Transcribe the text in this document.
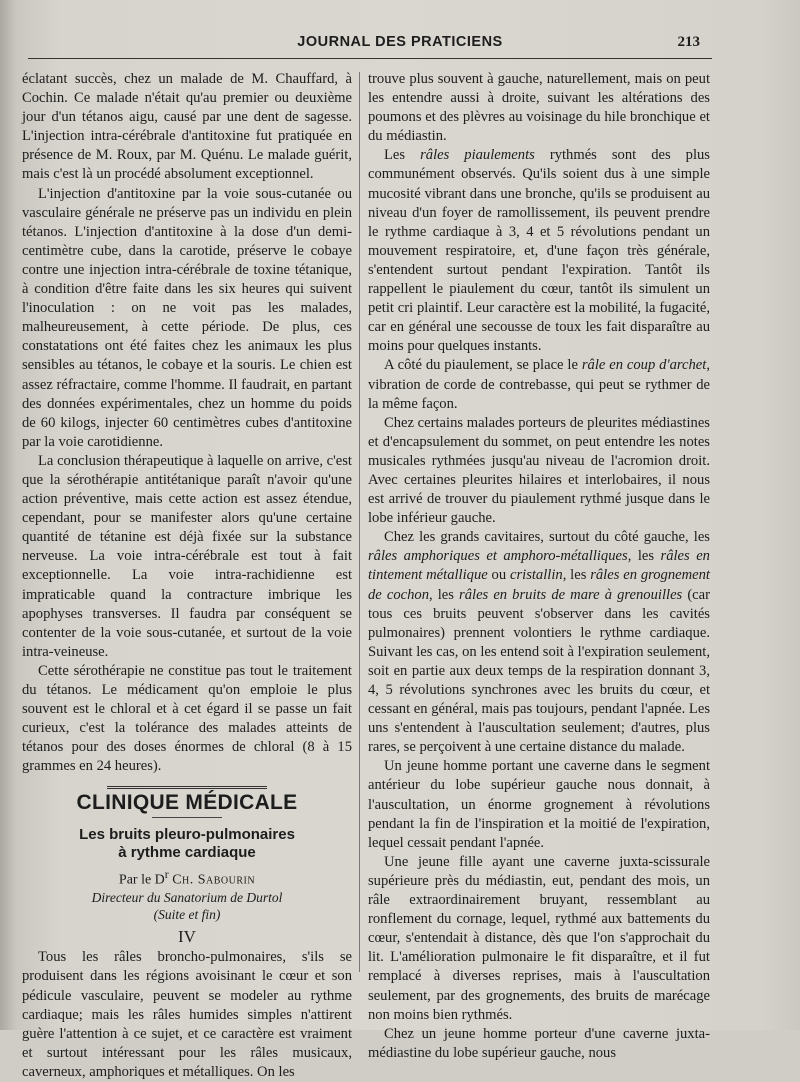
JOURNAL DES PRATICIENS	213

éclatant succès, chez un malade de M. Chauffard, à Cochin. Ce malade n'était qu'au premier ou deuxième jour d'un tétanos aigu, causé par une dent de sagesse. L'injection intra-cérébrale d'antitoxine fut pratiquée en présence de M. Roux, par M. Quénu. Le malade guérit, mais c'est là un procédé absolument exceptionnel.

L'injection d'antitoxine par la voie sous-cutanée ou vasculaire générale ne préserve pas un individu en plein tétanos. L'injection d'antitoxine à la dose d'un demi-centimètre cube, dans la carotide, préserve le cobaye contre une injection intra-cérébrale de toxine tétanique, à condition d'être faite dans les six heures qui suivent l'inoculation : on ne voit pas les malades, malheureusement, à cette période. De plus, ces constatations ont été faites chez les animaux les plus sensibles au tétanos, le cobaye et la souris. Le chien est assez réfractaire, comme l'homme. Il faudrait, en partant des données expérimentales, chez un homme du poids de 60 kilogs, injecter 60 centimètres cubes d'antitoxine par la voie carotidienne.

La conclusion thérapeutique à laquelle on arrive, c'est que la sérothérapie antitétanique paraît n'avoir qu'une action préventive, mais cette action est assez étendue, cependant, pour se manifester alors qu'une certaine quantité de tétanine est déjà fixée sur la substance nerveuse. La voie intra-cérébrale est tout à fait exceptionnelle. La voie intra-rachidienne est impraticable quand la contracture imbrique les apophyses transverses. Il faudra par conséquent se contenter de la voie sous-cutanée, et surtout de la voie intra-veineuse.

Cette sérothérapie ne constitue pas tout le traitement du tétanos. Le médicament qu'on emploie le plus souvent est le chloral et à cet égard il se passe un fait curieux, c'est la tolérance des malades atteints de tétanos pour des doses énormes de chloral (8 à 15 grammes en 24 heures).

CLINIQUE MÉDICALE
Les bruits pleuro-pulmonaires
à rythme cardiaque
Par le $D^r$ Ch. Sabourin
Directeur du Sanatorium de Durtol
(Suite et fin)
IV

Tous les râles broncho-pulmonaires, s'ils se produisent dans les régions avoisinant le cœur et son pédicule vasculaire, peuvent se modeler au rythme cardiaque; mais les râles humides simples n'attirent guère l'attention à ce sujet, et ce caractère est vraiment et surtout intéressant pour les râles musicaux, caverneux, amphoriques et métalliques. On les

trouve plus souvent à gauche, naturellement, mais on peut les entendre aussi à droite, suivant les altérations des poumons et des plèvres au voisinage du hile bronchique et du médiastin.

Les râles piaulements rythmés sont des plus communément observés. Qu'ils soient dus à une simple mucosité vibrant dans une bronche, qu'ils se produisent au niveau d'un foyer de ramollissement, ils peuvent prendre le rythme cardiaque à 3, 4 et 5 révolutions pendant un mouvement respiratoire, et, d'une façon très générale, s'entendent surtout pendant l'expiration. Tantôt ils rappellent le piaulement du cœur, tantôt ils simulent un petit cri plaintif. Leur caractère est la mobilité, la fugacité, car en général une secousse de toux les fait disparaître au moins pour quelques instants.

A côté du piaulement, se place le râle en coup d'archet, vibration de corde de contrebasse, qui peut se rythmer de la même façon.

Chez certains malades porteurs de pleurites médiastines et d'encapsulement du sommet, on peut entendre les notes musicales rythmées jusqu'au niveau de l'acromion droit. Avec certaines pleurites hilaires et interlobaires, il nous est arrivé de trouver du piaulement rythmé jusque dans le lobe inférieur gauche.

Chez les grands cavitaires, surtout du côté gauche, les râles amphoriques et amphoro-métalliques, les râles en tintement métallique ou cristallin, les râles en grognement de cochon, les râles en bruits de mare à grenouilles (car tous ces bruits peuvent s'observer dans les cavités pulmonaires) prennent volontiers le rythme cardiaque. Suivant les cas, on les entend soit à l'expiration seulement, soit en partie aux deux temps de la respiration donnant 3, 4, 5 révolutions synchrones avec les bruits du cœur, et cessant en général, mais pas toujours, pendant l'apnée. Les uns s'entendent à l'auscultation seulement; d'autres, plus rares, se perçoivent à une certaine distance du malade.

Un jeune homme portant une caverne dans le segment antérieur du lobe supérieur gauche nous donnait, à l'auscultation, un énorme grognement à révolutions pendant la fin de l'inspiration et la moitié de l'expiration, lequel cessait pendant l'apnée.

Une jeune fille ayant une caverne juxta-scissurale supérieure près du médiastin, eut, pendant des mois, un râle extraordinairement bruyant, ressemblant au ronflement du cornage, lequel, rythmé aux battements du cœur, s'entendait à distance, dès que l'on s'approchait du lit. L'amélioration pulmonaire le fit disparaître, et il fut remplacé à diverses reprises, mais à l'auscultation seulement, par des grognements, des bruits de marécage non moins bien rythmés.

Chez un jeune homme porteur d'une caverne juxta-médiastine du lobe supérieur gauche, nous
